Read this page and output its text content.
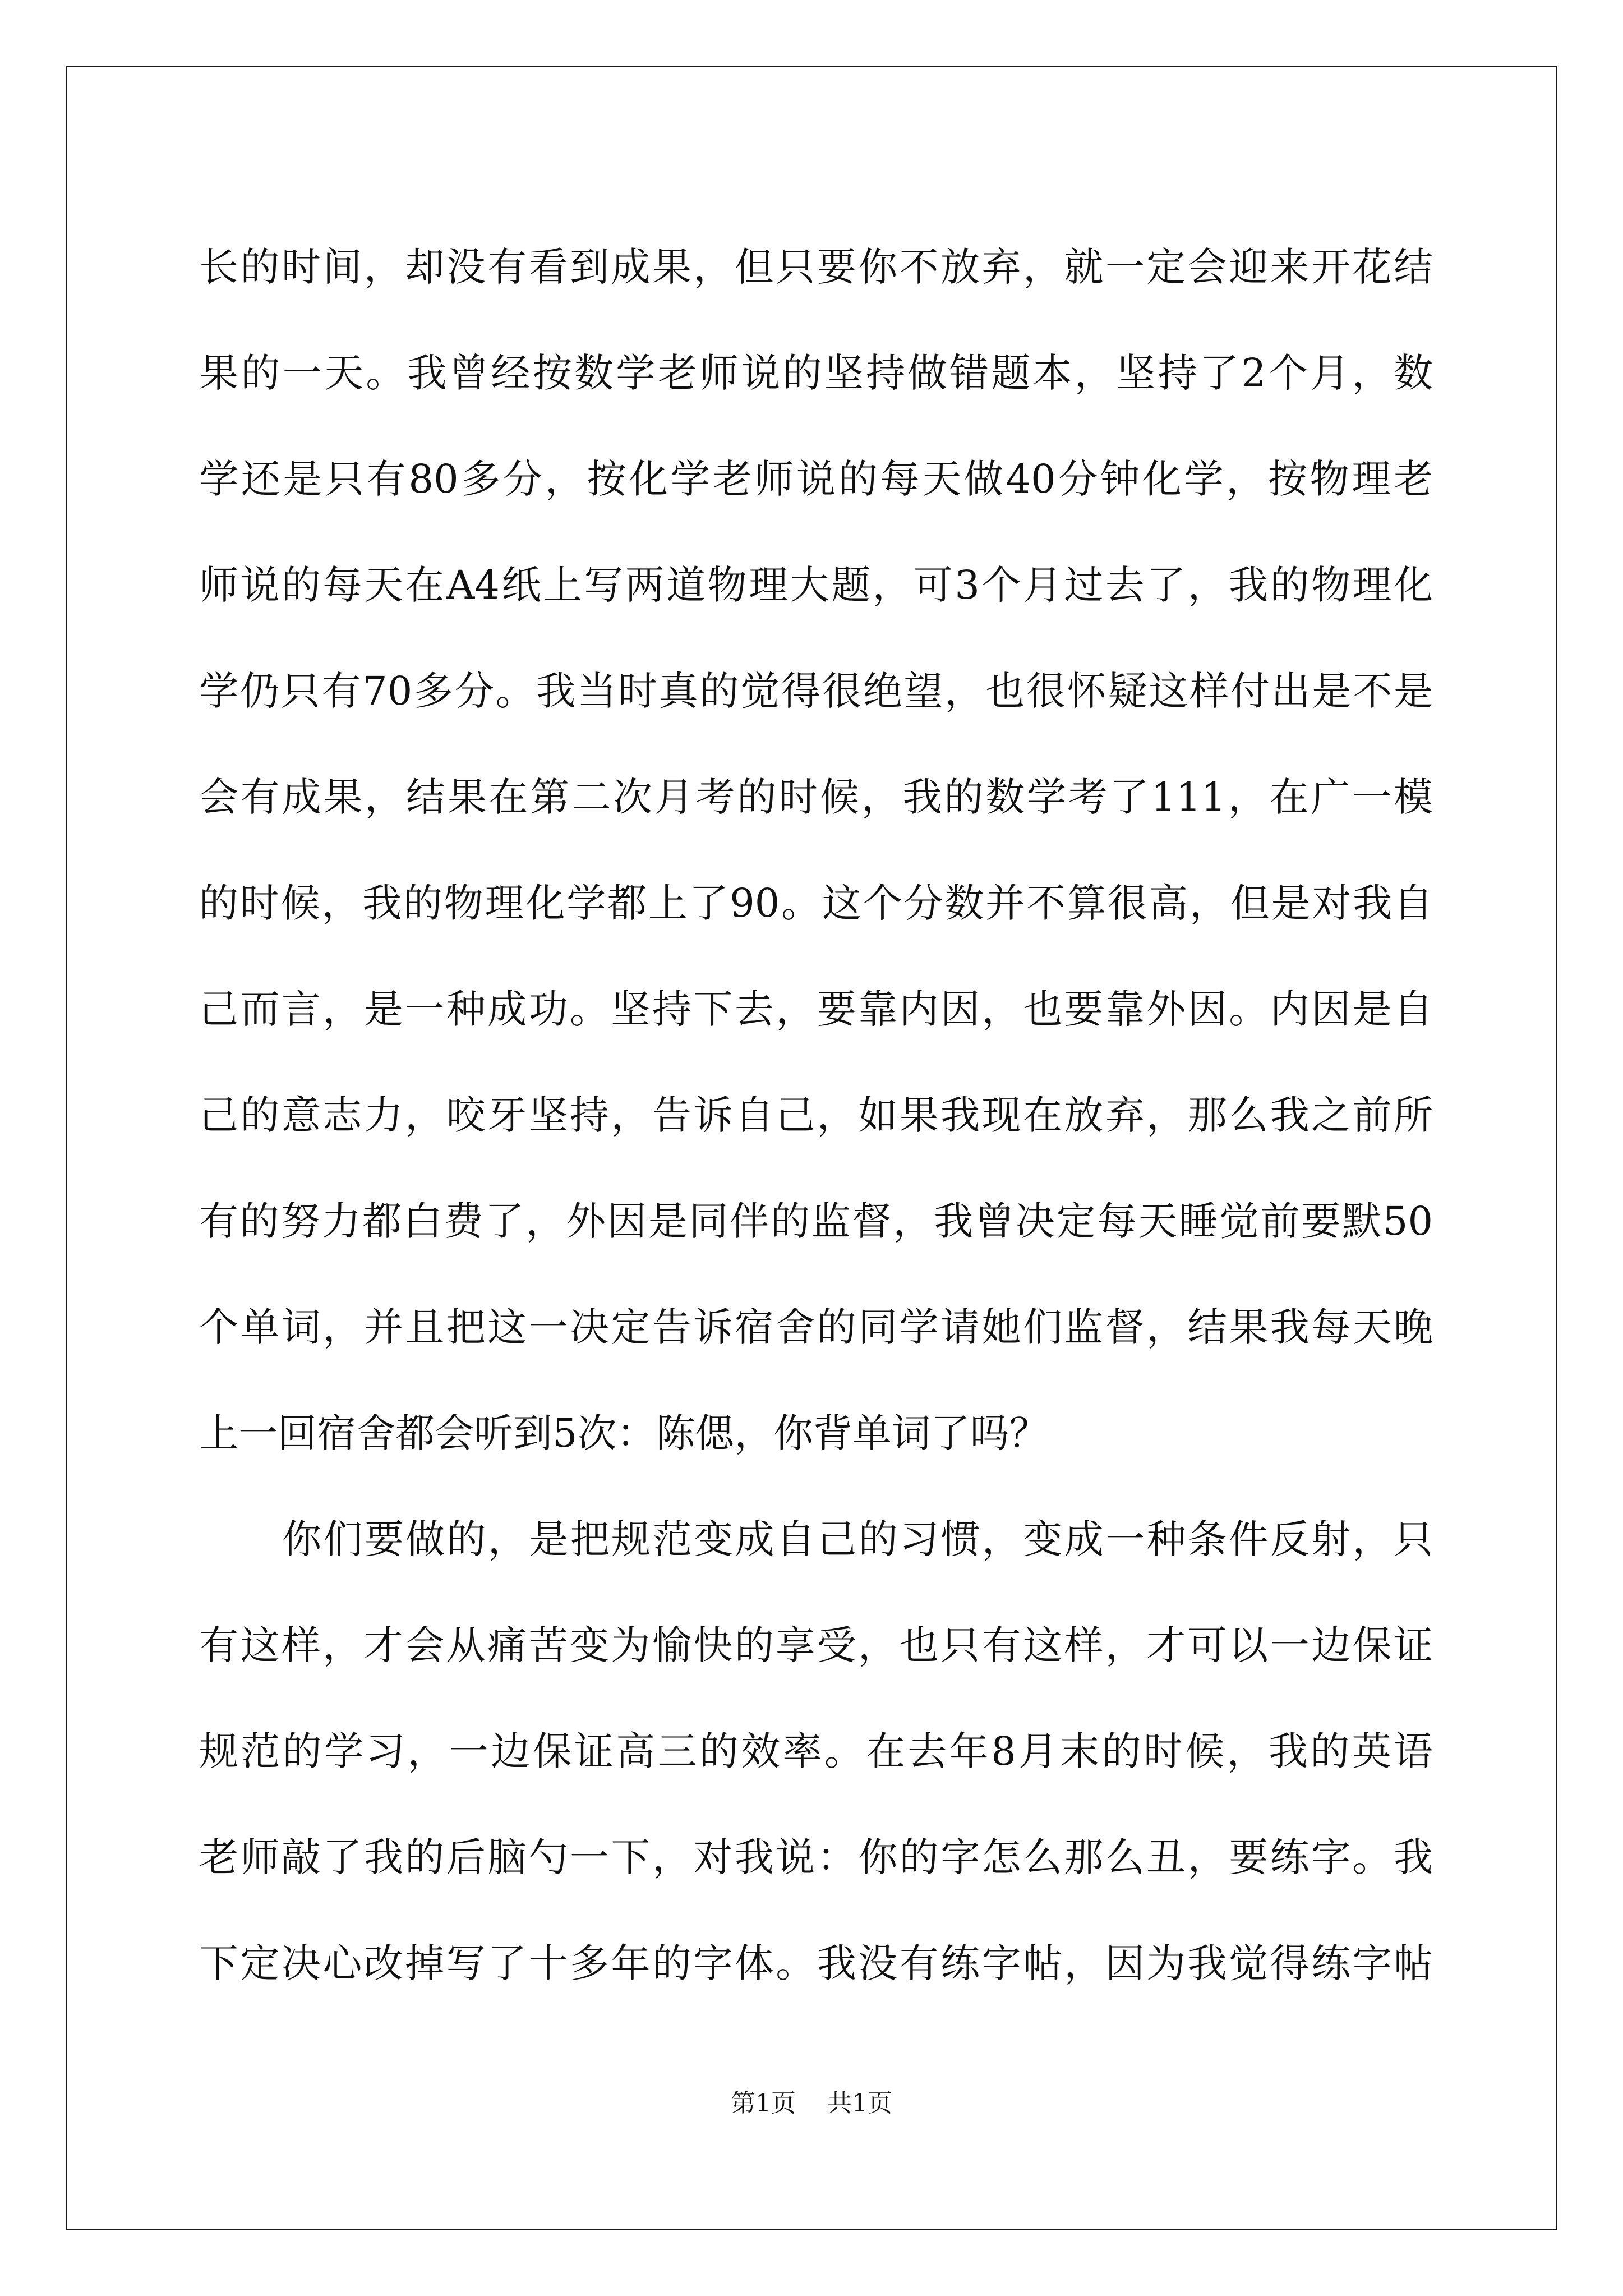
长的时间，却没有看到成果，但只要你不放弃，就一定会迎来开花结
果的一天。我曾经按数学老师说的坚持做错题本，坚持了2个月，数
学还是只有80多分，按化学老师说的每天做40分钟化学，按物理老
师说的每天在A4纸上写两道物理大题，可3个月过去了，我的物理化
学仍只有70多分。我当时真的觉得很绝望，也很怀疑这样付出是不是
会有成果，结果在第二次月考的时候，我的数学考了111，在广一模
的时候，我的物理化学都上了90。这个分数并不算很高，但是对我自
己而言，是一种成功。坚持下去，要靠内因，也要靠外因。内因是自
己的意志力，咬牙坚持，告诉自己，如果我现在放弃，那么我之前所
有的努力都白费了，外因是同伴的监督，我曾决定每天睡觉前要默50
个单词，并且把这一决定告诉宿舍的同学请她们监督，结果我每天晚
上一回宿舍都会听到5次：陈偲，你背单词了吗？
你们要做的，是把规范变成自己的习惯，变成一种条件反射，只
有这样，才会从痛苦变为愉快的享受，也只有这样，才可以一边保证
规范的学习，一边保证高三的效率。在去年8月末的时候，我的英语
老师敲了我的后脑勺一下，对我说：你的字怎么那么丑，要练字。我
下定决心改掉写了十多年的字体。我没有练字帖，因为我觉得练字帖
第1页 共1页
